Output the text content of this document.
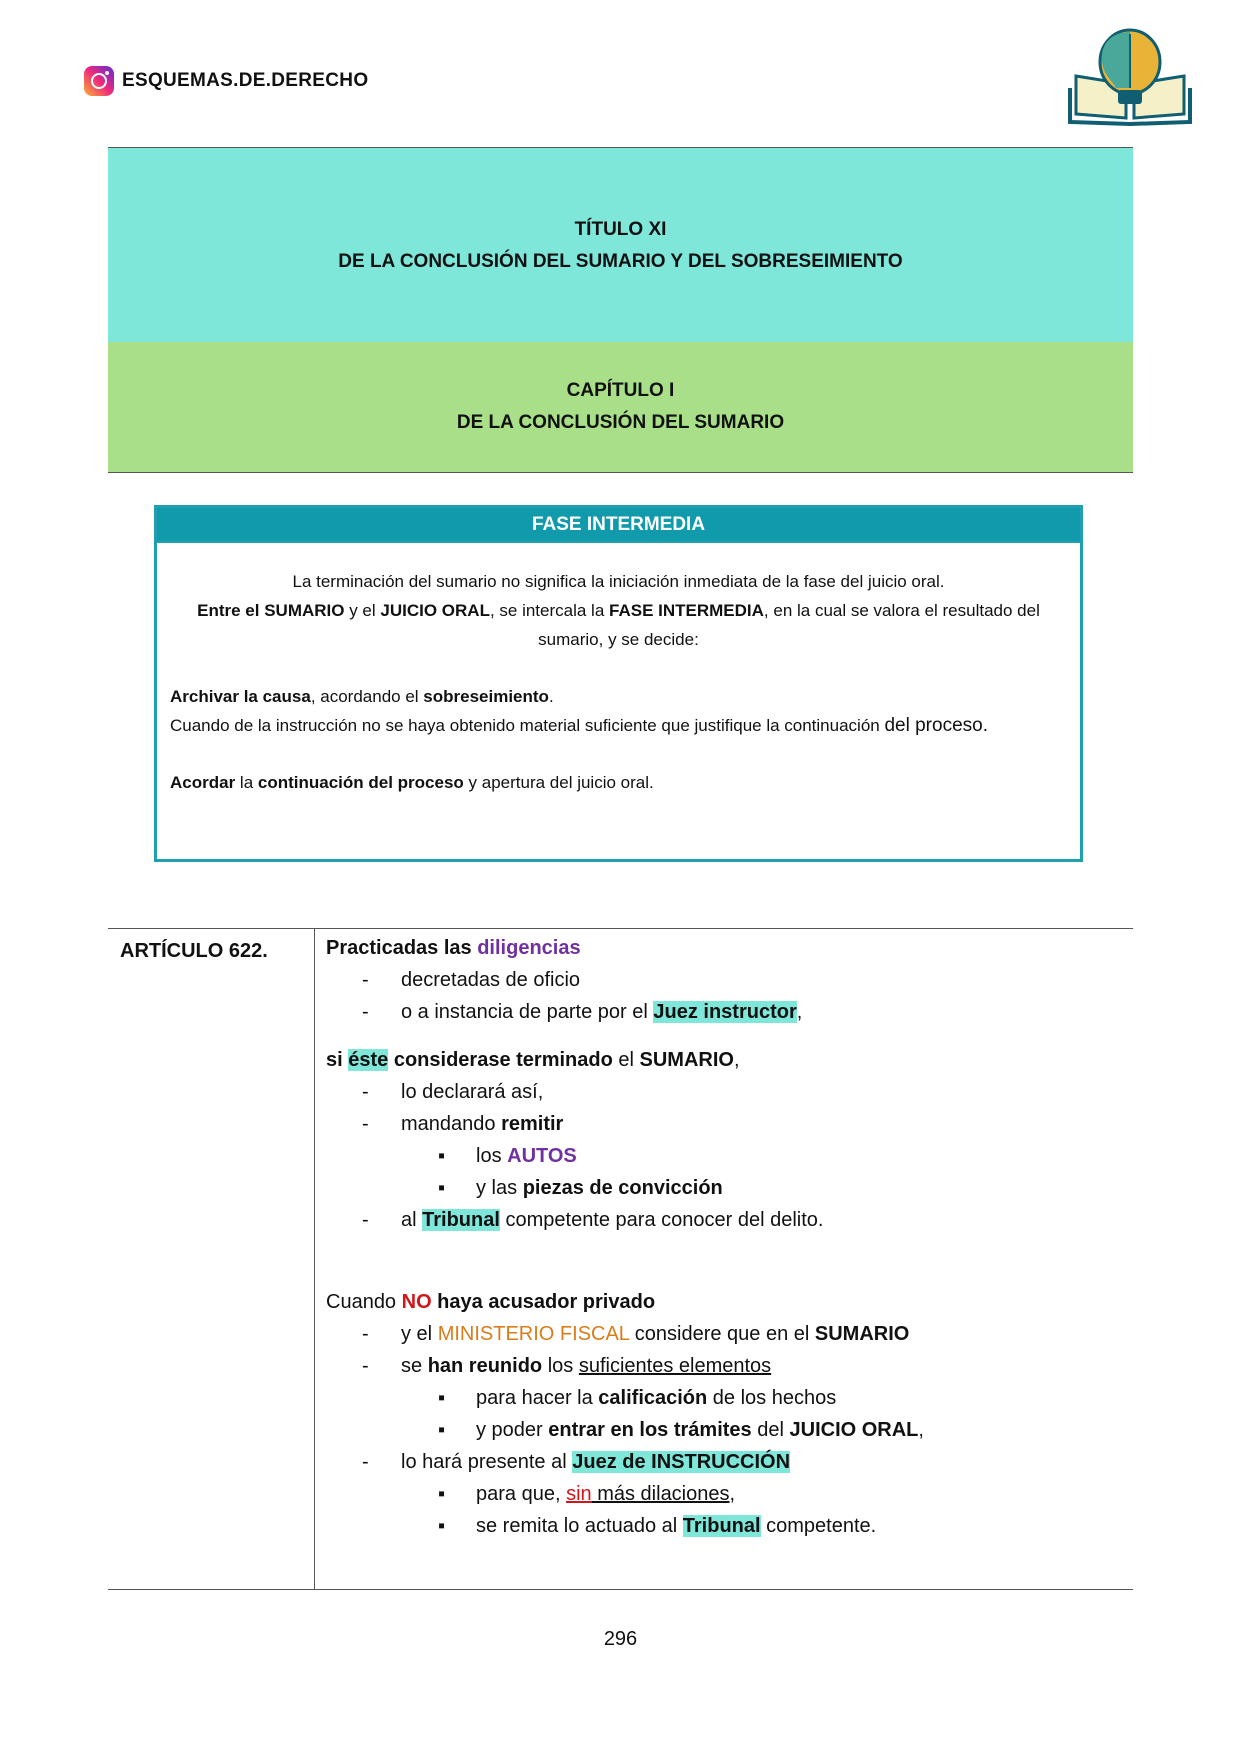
ESQUEMAS.DE.DERECHO
TÍTULO XI
DE LA CONCLUSIÓN DEL SUMARIO Y DEL SOBRESEIMIENTO
CAPÍTULO I
DE LA CONCLUSIÓN DEL SUMARIO
FASE INTERMEDIA
La terminación del sumario no significa la iniciación inmediata de la fase del juicio oral.
Entre el SUMARIO y el JUICIO ORAL, se intercala la FASE INTERMEDIA, en la cual se valora el resultado del sumario, y se decide:
Archivar la causa, acordando el sobreseimiento.
Cuando de la instrucción no se haya obtenido material suficiente que justifique la continuación del proceso.
Acordar la continuación del proceso y apertura del juicio oral.
ARTÍCULO 622.	Practicadas las diligencias
- decretadas de oficio
- o a instancia de parte por el Juez instructor,
si éste considerase terminado el SUMARIO,
- lo declarará así,
- mandando remitir
▪ los AUTOS
▪ y las piezas de convicción
- al Tribunal competente para conocer del delito.
Cuando NO haya acusador privado
- y el MINISTERIO FISCAL considere que en el SUMARIO
- se han reunido los suficientes elementos
▪ para hacer la calificación de los hechos
▪ y poder entrar en los trámites del JUICIO ORAL,
- lo hará presente al Juez de INSTRUCCIÓN
▪ para que, sin más dilaciones,
▪ se remita lo actuado al Tribunal competente.
296
